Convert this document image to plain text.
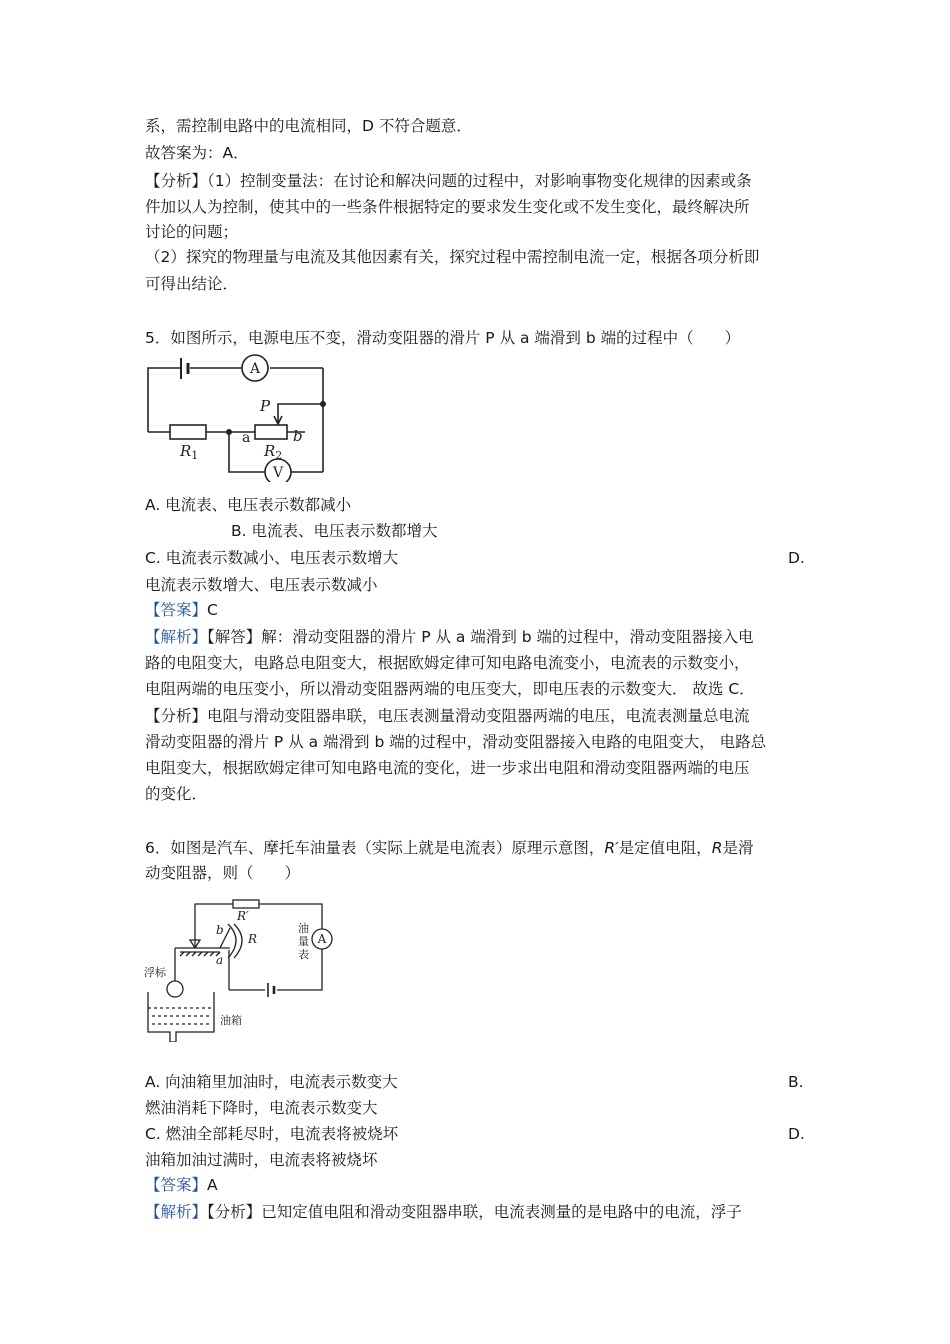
系，需控制电路中的电流相同，D 不符合题意．
故答案为：A．
【分析】（1）控制变量法：在讨论和解决问题的过程中，对影响事物变化规律的因素或条
件加以人为控制，使其中的一些条件根据特定的要求发生变化或不发生变化，最终解决所
讨论的问题；
（2）探究的物理量与电流及其他因素有关，探究过程中需控制电流一定，根据各项分析即
可得出结论．
5．如图所示，电源电压不变，滑动变阻器的滑片 P 从 a 端滑到 b 端的过程中（　　）
A
V
P
a	b
$R_1$	$R_2$
A. 电流表、电压表示数都减小
B. 电流表、电压表示数都增大
C. 电流表示数减小、电压表示数增大	D.
电流表示数增大、电压表示数减小
【答案】C
【解析】【解答】解：滑动变阻器的滑片 P 从 a 端滑到 b 端的过程中，滑动变阻器接入电
路的电阻变大，电路总电阻变大，根据欧姆定律可知电路电流变小，电流表的示数变小，
电阻两端的电压变小，所以滑动变阻器两端的电压变大，即电压表的示数变大． 故选 C．
【分析】电阻与滑动变阻器串联，电压表测量滑动变阻器两端的电压，电流表测量总电流
滑动变阻器的滑片 P 从 a 端滑到 b 端的过程中，滑动变阻器接入电路的电阻变大， 电路总
电阻变大，根据欧姆定律可知电路电流的变化，进一步求出电阻和滑动变阻器两端的电压
的变化．
6．如图是汽车、摩托车油量表（实际上就是电流表）原理示意图，R′是定值电阻，R是滑
动变阻器，则（　　）
A
R′
R
b
a
油
量
表
浮标
油箱
A. 向油箱里加油时，电流表示数变大	B.
燃油消耗下降时，电流表示数变大
C. 燃油全部耗尽时，电流表将被烧坏	D.
油箱加油过满时，电流表将被烧坏
【答案】A
【解析】【分析】已知定值电阻和滑动变阻器串联，电流表测量的是电路中的电流，浮子
